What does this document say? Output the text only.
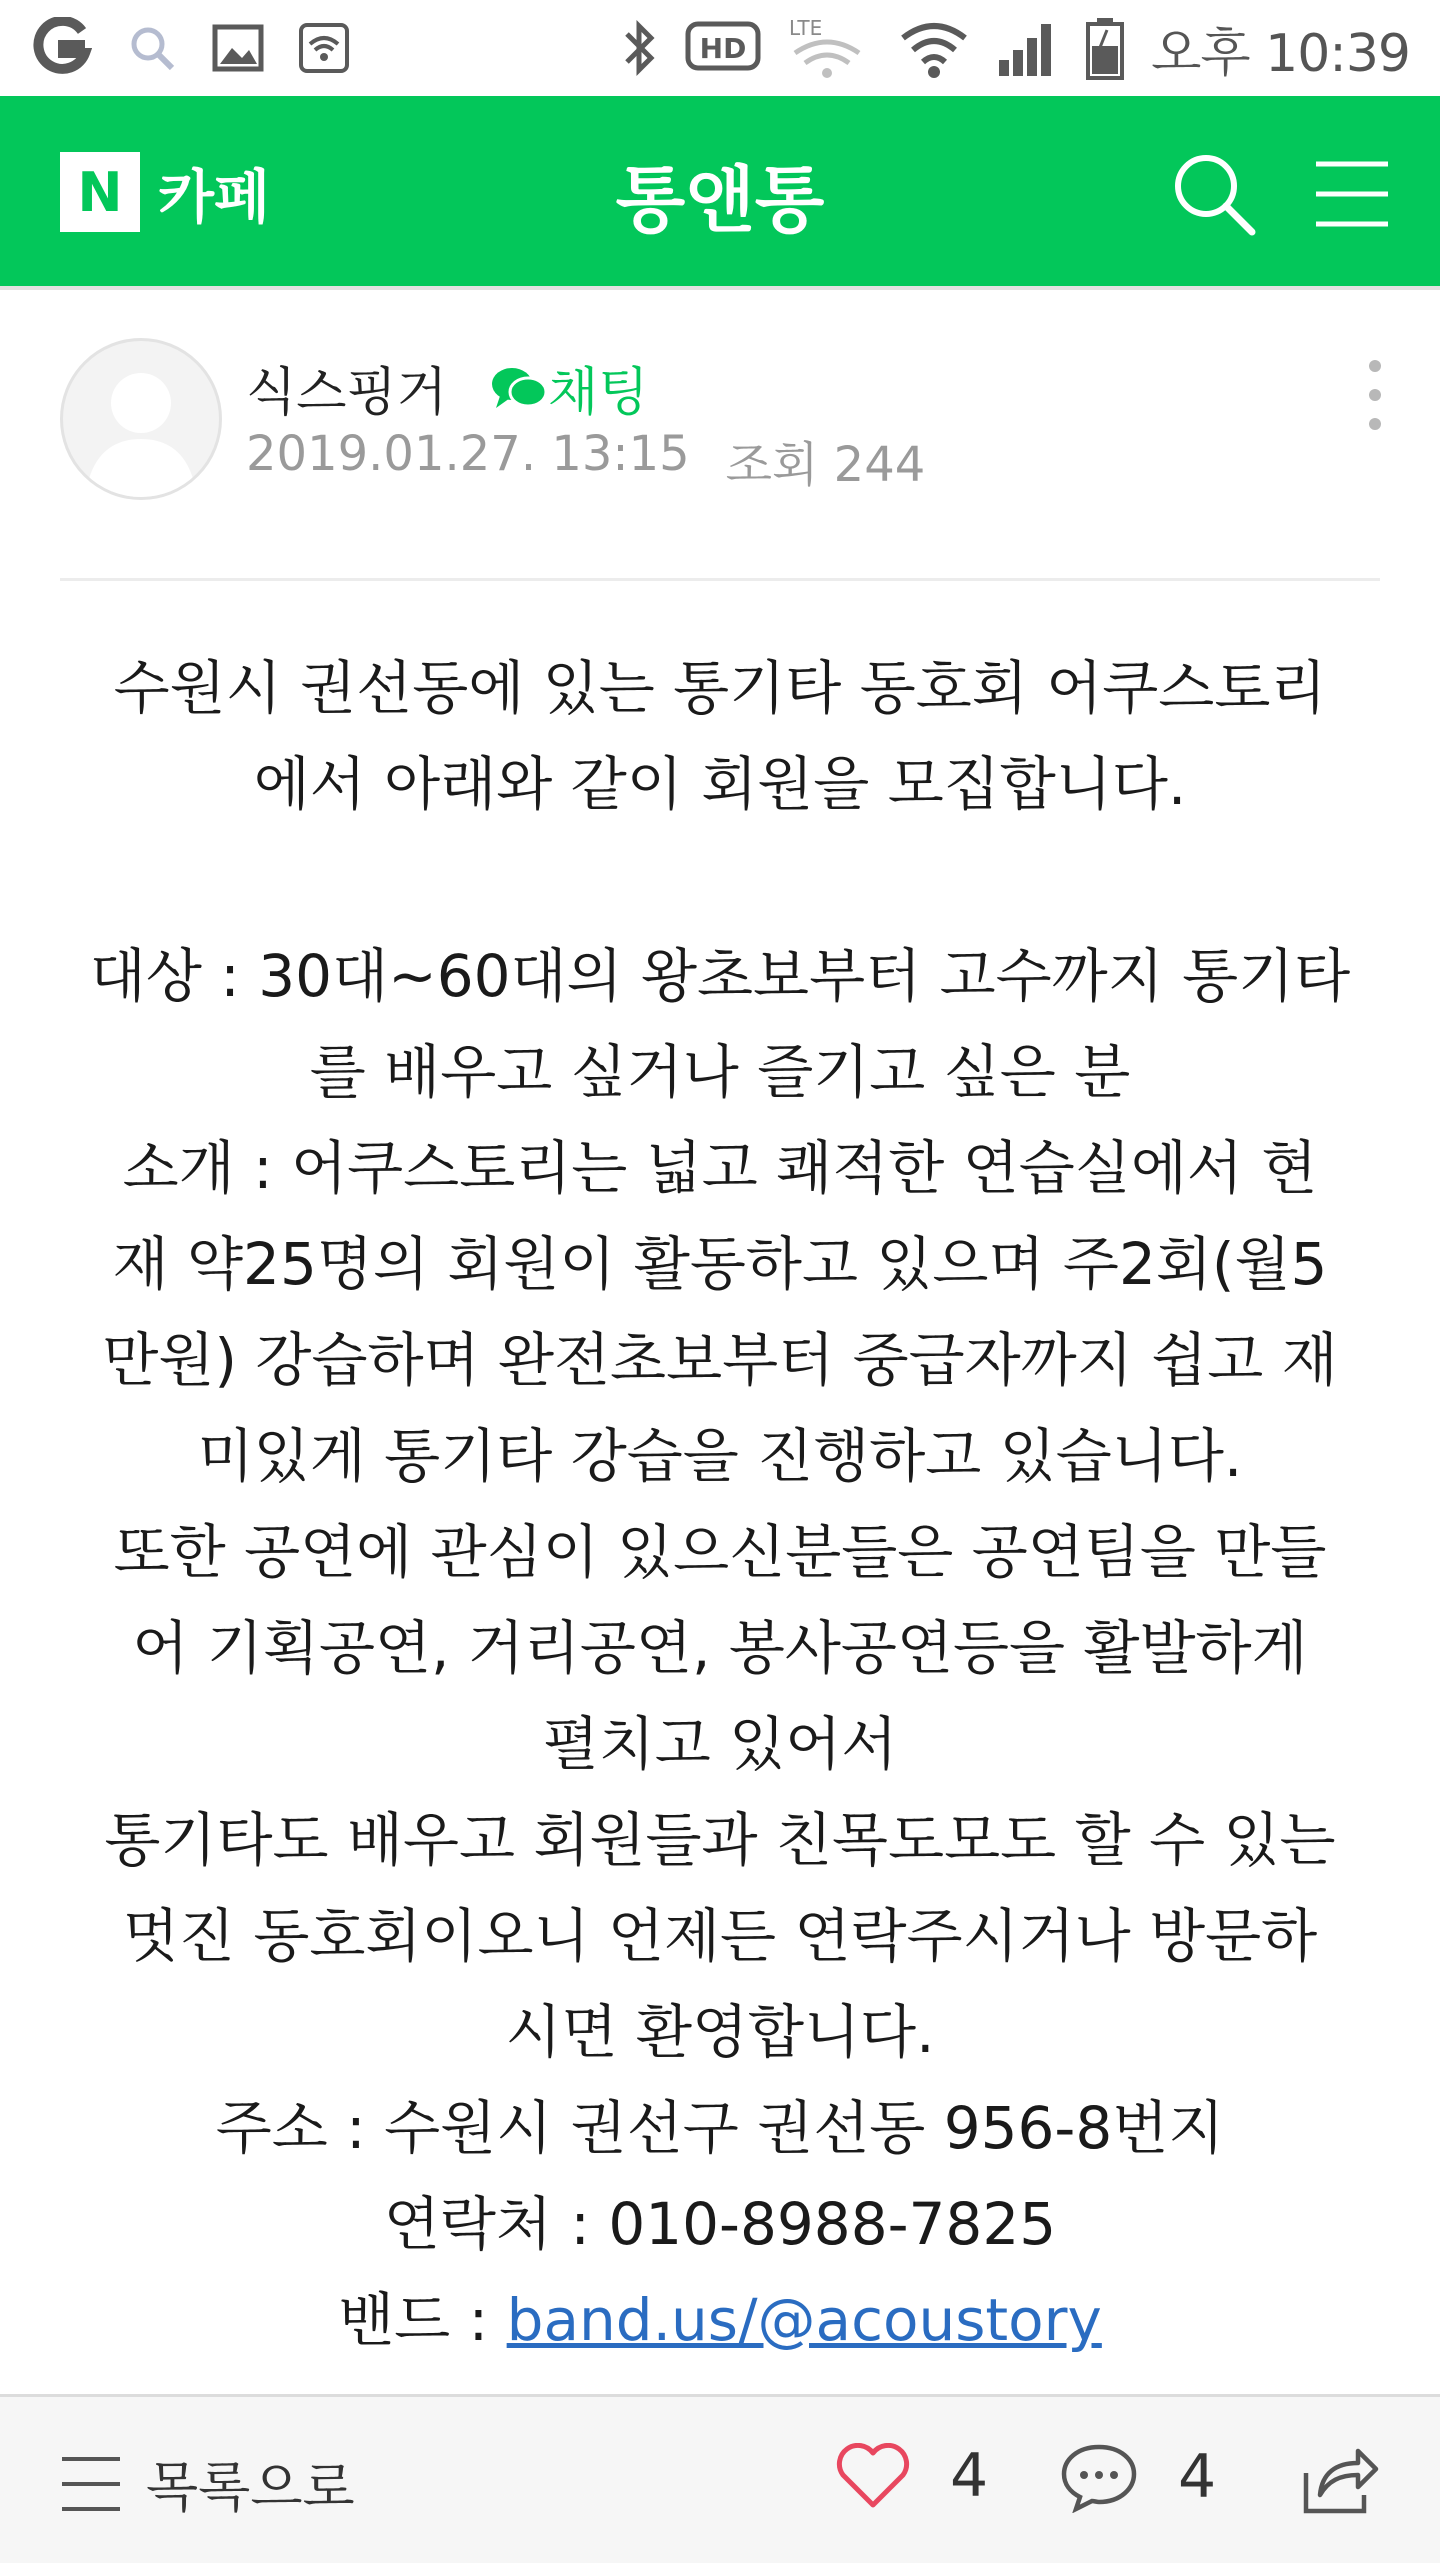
HD
LTE	오후 10:39
N 카페	통앤통
식스핑거 채팅
2019.01.27. 13:15 조회 244

수원시 권선동에 있는 통기타 동호회 어쿠스토리

에서 아래와 같이 회원을 모집합니다.

대상 : 30대~60대의 왕초보부터 고수까지 통기타

를 배우고 싶거나 즐기고 싶은 분

소개 : 어쿠스토리는 넓고 쾌적한 연습실에서 현

재 약25명의 회원이 활동하고 있으며 주2회(월5

만원) 강습하며 완전초보부터 중급자까지 쉽고 재

미있게 통기타 강습을 진행하고 있습니다.

또한 공연에 관심이 있으신분들은 공연팀을 만들

어 기획공연, 거리공연, 봉사공연등을 활발하게

펼치고 있어서

통기타도 배우고 회원들과 친목도모도 할 수 있는

멋진 동호회이오니 언제든 연락주시거나 방문하

시면 환영합니다.

주소 : 수원시 권선구 권선동 956-8번지

연락처 : 010-8988-7825

밴드 : band.us/@acoustory

목록으로	4	4
